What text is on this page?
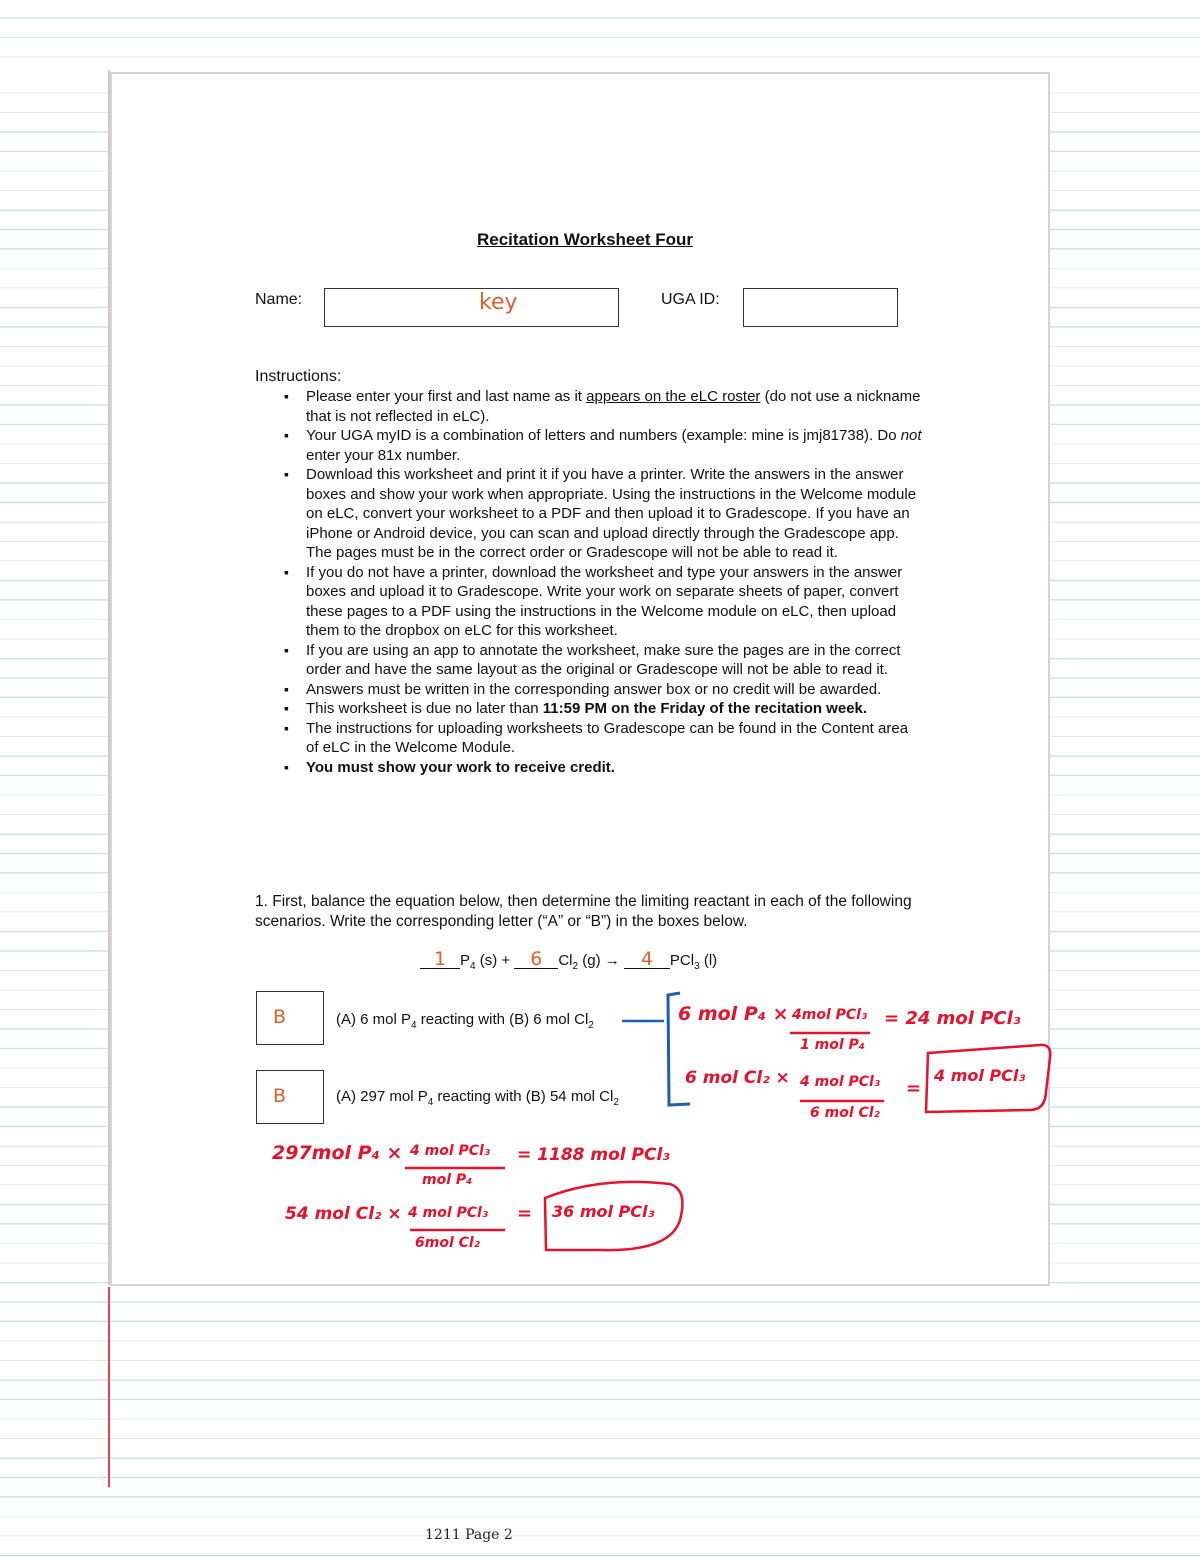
Recitation Worksheet Four
Name:	key	UGA ID:
Instructions:
▪ Please enter your first and last name as it appears on the eLC roster (do not use a nickname that is not reflected in eLC).
▪ Your UGA myID is a combination of letters and numbers (example: mine is jmj81738). Do not enter your 81x number.
▪ Download this worksheet and print it if you have a printer. Write the answers in the answer boxes and show your work when appropriate. Using the instructions in the Welcome module on eLC, convert your worksheet to a PDF and then upload it to Gradescope. If you have an iPhone or Android device, you can scan and upload directly through the Gradescope app. The pages must be in the correct order or Gradescope will not be able to read it.
▪ If you do not have a printer, download the worksheet and type your answers in the answer boxes and upload it to Gradescope. Write your work on separate sheets of paper, convert these pages to a PDF using the instructions in the Welcome module on eLC, then upload them to the dropbox on eLC for this worksheet.
▪ If you are using an app to annotate the worksheet, make sure the pages are in the correct order and have the same layout as the original or Gradescope will not be able to read it.
▪ Answers must be written in the corresponding answer box or no credit will be awarded.
▪ This worksheet is due no later than 11:59 PM on the Friday of the recitation week.
▪ The instructions for uploading worksheets to Gradescope can be found in the Content area of eLC in the Welcome Module.
▪ You must show your work to receive credit.
1. First, balance the equation below, then determine the limiting reactant in each of the following scenarios. Write the corresponding letter (“A” or “B”) in the boxes below.
1 $P_4$ (s) + 6 $Cl_2$ (g) → 4 PCl$_3$ (l)
B	(A) 6 mol $P_4$ reacting with (B) 6 mol $Cl_2$
B	(A) 297 mol $P_4$ reacting with (B) 54 mol $Cl_2$
6 mol P₄ × 4mol PCl₃
1 mol P₄
= 24 mol PCl₃
6 mol Cl₂ × 4 mol PCl₃
6 mol Cl₂
=
4 mol PCl₃
297mol P₄ × 4 mol PCl₃
mol P₄
= 1188 mol PCl₃
54 mol Cl₂ × 4 mol PCl₃
6mol Cl₂
= 36 mol PCl₃
1211 Page 2
